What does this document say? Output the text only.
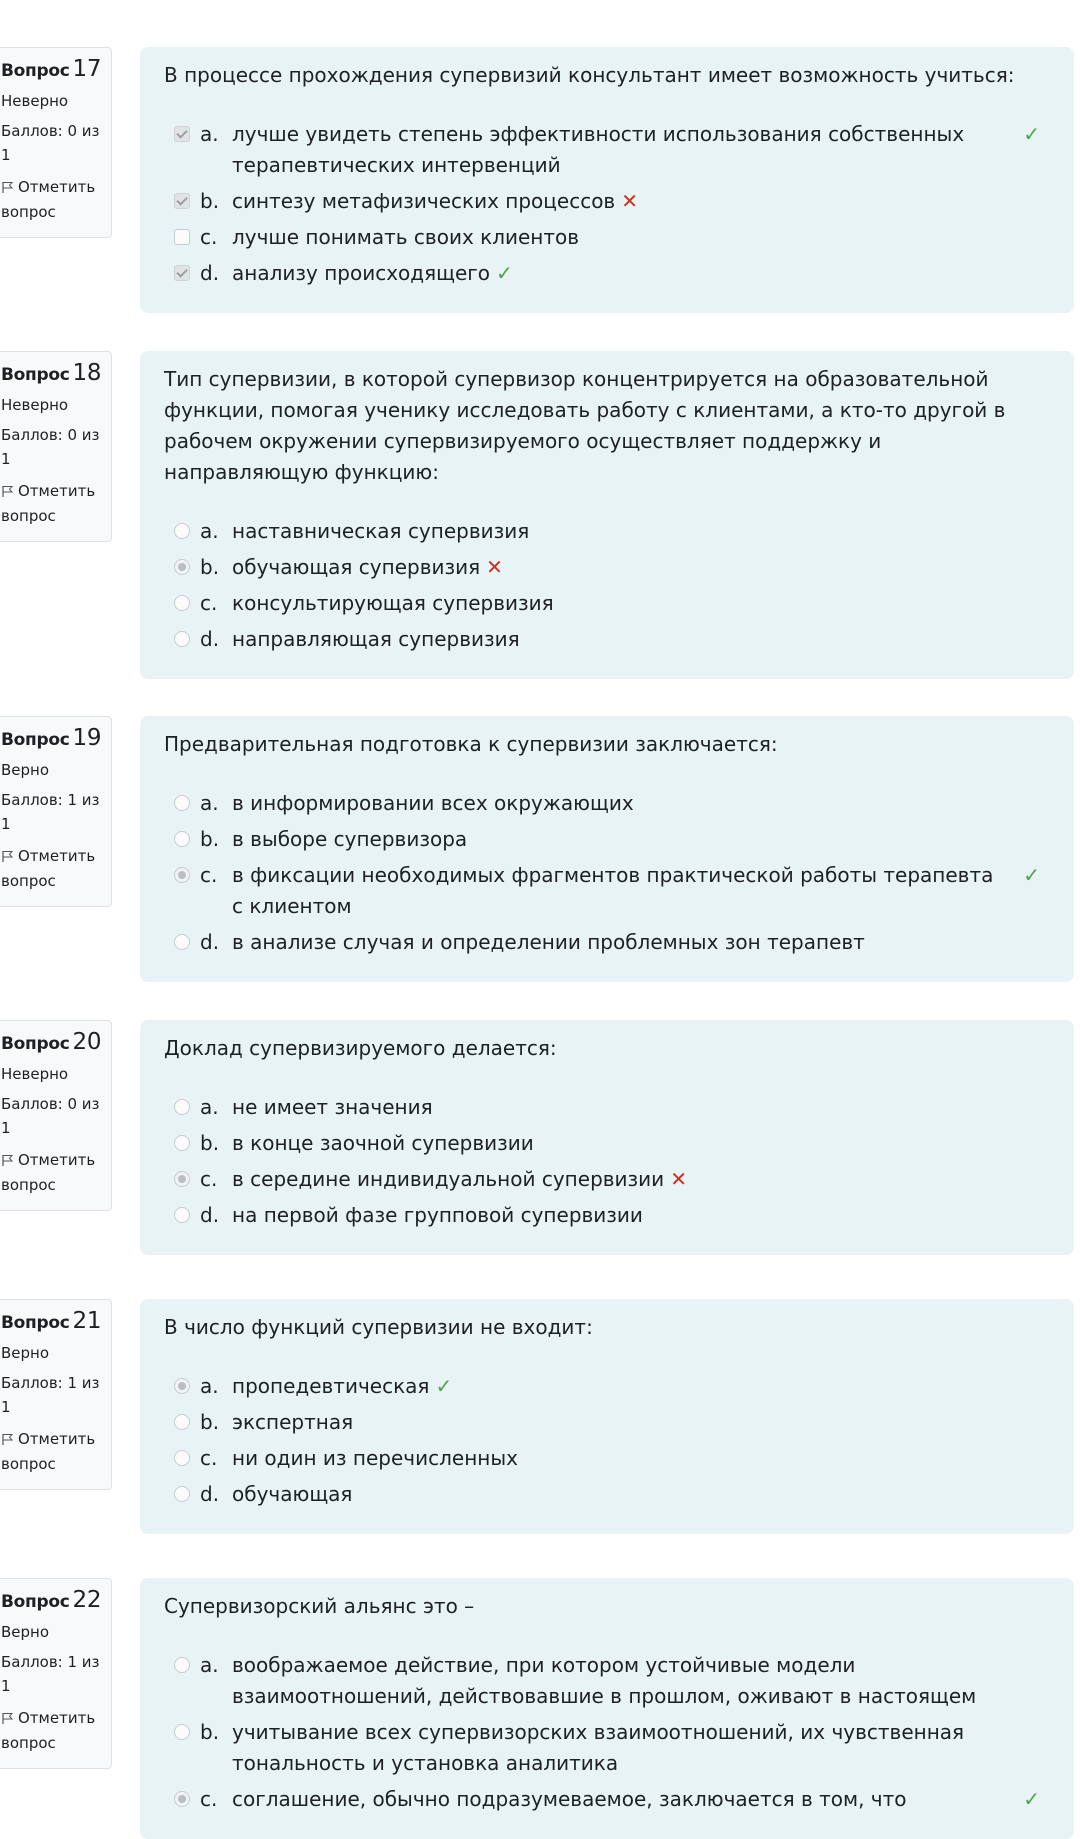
Вопрос 17
Неверно
Баллов: 0 из 1
Отметить вопрос
В процессе прохождения супервизий консультант имеет возможность учиться:
a. лучше увидеть степень эффективности использования собственных терапевтических интервенций
✓
b. синтезу метафизических процессов ✕
c. лучше понимать своих клиентов
d. анализу происходящего ✓
Вопрос 18
Неверно
Баллов: 0 из 1
Отметить вопрос
Тип супервизии, в которой супервизор концентрируется на образовательной функции, помогая ученику исследовать работу с клиентами, а кто-то другой в рабочем окружении супервизируемого осуществляет поддержку и направляющую функцию:
a. наставническая супервизия
b. обучающая супервизия ✕
c. консультирующая супервизия
d. направляющая супервизия
Вопрос 19
Верно
Баллов: 1 из 1
Отметить вопрос
Предварительная подготовка к супервизии заключается:
a. в информировании всех окружающих
b. в выборе супервизора
c. в фиксации необходимых фрагментов практической работы терапевта с клиентом
✓
d. в анализе случая и определении проблемных зон терапевт
Вопрос 20
Неверно
Баллов: 0 из 1
Отметить вопрос
Доклад супервизируемого делается:
a. не имеет значения
b. в конце заочной супервизии
c. в середине индивидуальной супервизии ✕
d. на первой фазе групповой супервизии
Вопрос 21
Верно
Баллов: 1 из 1
Отметить вопрос
В число функций супервизии не входит:
a. пропедевтическая ✓
b. экспертная
c. ни один из перечисленных
d. обучающая
Вопрос 22
Верно
Баллов: 1 из 1
Отметить вопрос
Супервизорский альянс это –
a. воображаемое действие, при котором устойчивые модели взаимоотношений, действовавшие в прошлом, оживают в настоящем
b. учитывание всех супервизорских взаимоотношений, их чувственная тональность и установка аналитика
c. соглашение, обычно подразумеваемое, заключается в том, что	✓
